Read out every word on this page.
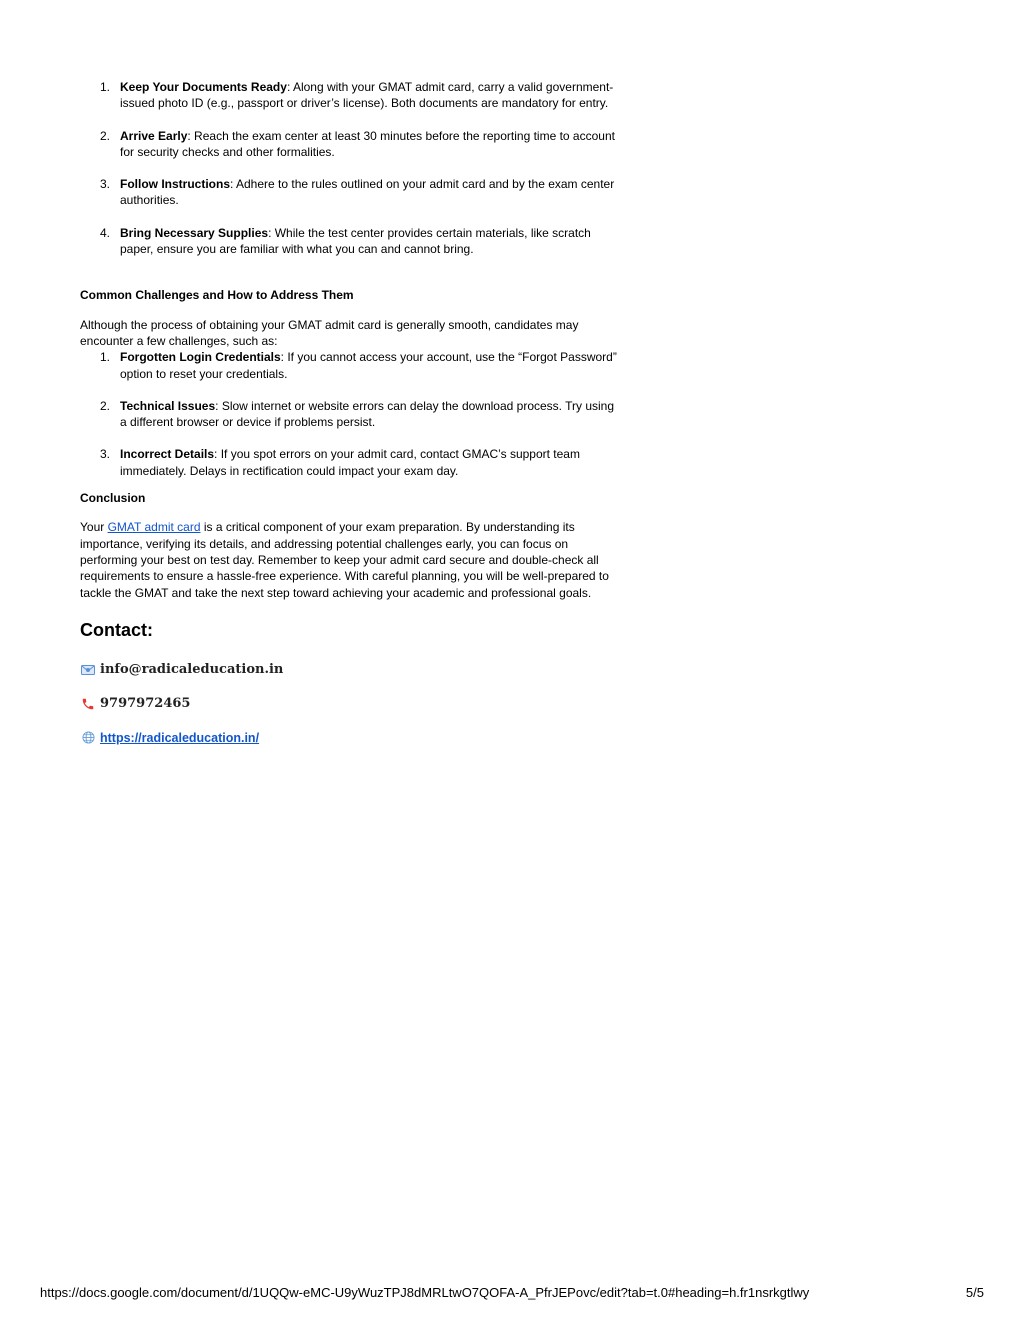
1. Keep Your Documents Ready: Along with your GMAT admit card, carry a valid government-issued photo ID (e.g., passport or driver’s license). Both documents are mandatory for entry.
2. Arrive Early: Reach the exam center at least 30 minutes before the reporting time to account for security checks and other formalities.
3. Follow Instructions: Adhere to the rules outlined on your admit card and by the exam center authorities.
4. Bring Necessary Supplies: While the test center provides certain materials, like scratch paper, ensure you are familiar with what you can and cannot bring.
Common Challenges and How to Address Them

Although the process of obtaining your GMAT admit card is generally smooth, candidates may encounter a few challenges, such as:

1. Forgotten Login Credentials: If you cannot access your account, use the “Forgot Password” option to reset your credentials.
2. Technical Issues: Slow internet or website errors can delay the download process. Try using a different browser or device if problems persist.
3. Incorrect Details: If you spot errors on your admit card, contact GMAC’s support team immediately. Delays in rectification could impact your exam day.
Conclusion

Your GMAT admit card is a critical component of your exam preparation. By understanding its importance, verifying its details, and addressing potential challenges early, you can focus on performing your best on test day. Remember to keep your admit card secure and double-check all requirements to ensure a hassle-free experience. With careful planning, you will be well-prepared to tackle the GMAT and take the next step toward achieving your academic and professional goals.

Contact:
info@radicaleducation.in
9797972465
https://radicaleducation.in/
https://docs.google.com/document/d/1UQQw-eMC-U9yWuzTPJ8dMRLtwO7QOFA-A_PfrJEPovc/edit?tab=t.0#heading=h.fr1nsrkgtlwy	5/5
